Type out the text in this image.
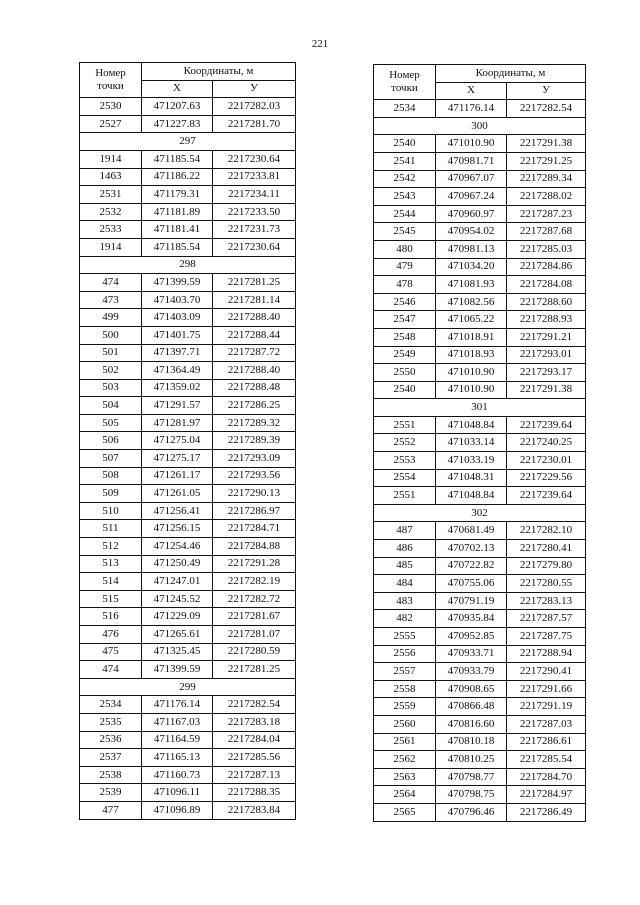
221
Номер
точки	Координаты, м	
	X	У
2530	471207.63	2217282.03
2527	471227.83	2217281.70
297		
1914	471185.54	2217230.64
1463	471186.22	2217233.81
2531	471179.31	2217234.11
2532	471181.89	2217233.50
2533	471181.41	2217231.73
1914	471185.54	2217230.64
298		
474	471399.59	2217281.25
473	471403.70	2217281.14
499	471403.09	2217288.40
500	471401.75	2217288.44
501	471397.71	2217287.72
502	471364.49	2217288.40
503	471359.02	2217288.48
504	471291.57	2217286.25
505	471281.97	2217289.32
506	471275.04	2217289.39
507	471275.17	2217293.09
508	471261.17	2217293.56
509	471261.05	2217290.13
510	471256.41	2217286.97
511	471256.15	2217284.71
512	471254.46	2217284.88
513	471250.49	2217291.28
514	471247.01	2217282.19
515	471245.52	2217282.72
516	471229.09	2217281.67
476	471265.61	2217281.07
475	471325.45	2217280.59
474	471399.59	2217281.25
299		
2534	471176.14	2217282.54
2535	471167.03	2217283.18
2536	471164.59	2217284.04
2537	471165.13	2217285.56
2538	471160.73	2217287.13
2539	471096.11	2217288.35
477	471096.89	2217283.84
Номер
точки	Координаты, м	
	X	У
2534	471176.14	2217282.54
300		
2540	471010.90	2217291.38
2541	470981.71	2217291.25
2542	470967.07	2217289.34
2543	470967.24	2217288.02
2544	470960.97	2217287.23
2545	470954.02	2217287.68
480	470981.13	2217285.03
479	471034.20	2217284.86
478	471081.93	2217284.08
2546	471082.56	2217288.60
2547	471065.22	2217288.93
2548	471018.91	2217291.21
2549	471018.93	2217293.01
2550	471010.90	2217293.17
2540	471010.90	2217291.38
301		
2551	471048.84	2217239.64
2552	471033.14	2217240.25
2553	471033.19	2217230.01
2554	471048.31	2217229.56
2551	471048.84	2217239.64
302		
487	470681.49	2217282.10
486	470702.13	2217280.41
485	470722.82	2217279.80
484	470755.06	2217280.55
483	470791.19	2217283.13
482	470935.84	2217287.57
2555	470952.85	2217287.75
2556	470933.71	2217288.94
2557	470933.79	2217290.41
2558	470908.65	2217291.66
2559	470866.48	2217291.19
2560	470816.60	2217287.03
2561	470810.18	2217286.61
2562	470810.25	2217285.54
2563	470798.77	2217284.70
2564	470798.75	2217284.97
2565	470796.46	2217286.49
